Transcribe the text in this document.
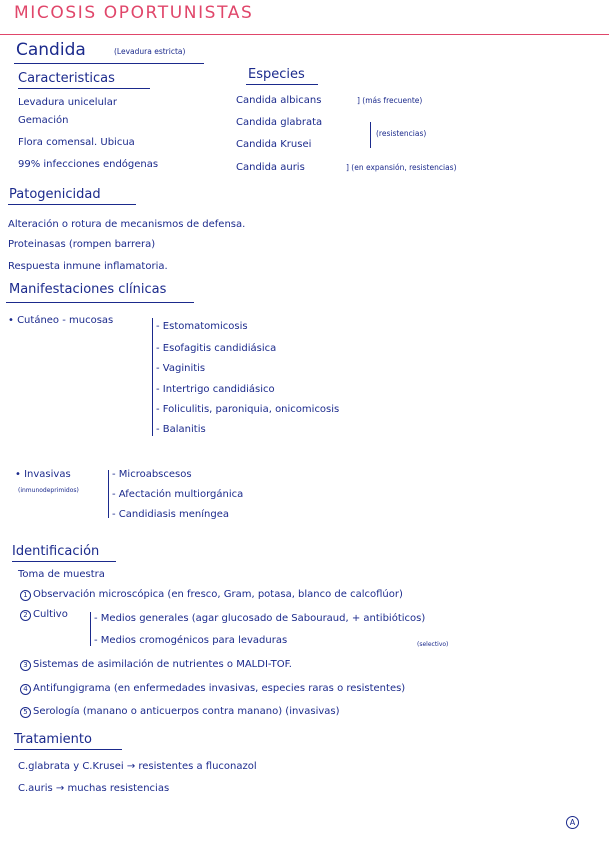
MICOSIS OPORTUNISTAS
Candida	(Levadura estricta)
Caracteristicas
Levadura unicelular
Gemación
Flora comensal. Ubicua
99% infecciones endógenas
Especies
Candida albicans	] (más frecuente)
Candida glabrata
(resistencias)
Candida Krusei
Candida auris	] (en expansión, resistencias)
Patogenicidad
Alteración o rotura de mecanismos de defensa.
Proteinasas (rompen barrera)
Respuesta inmune inflamatoria.
Manifestaciones clínicas
• Cutáneo - mucosas
- Estomatomicosis
- Esofagitis candidiásica
- Vaginitis
- Intertrigo candidiásico
- Foliculitis, paroniquia, onicomicosis
- Balanitis
• Invasivas
(inmunodeprimidos)
- Microabscesos
- Afectación multiorgánica
- Candidiasis meníngea
Identificación
Toma de muestra
1 Observación microscópica (en fresco, Gram, potasa, blanco de calcoflúor)
2 Cultivo	- Medios generales (agar glucosado de Sabouraud, + antibióticos)
(selectivo)
- Medios cromogénicos para levaduras
3 Sistemas de asimilación de nutrientes o MALDI-TOF.
4 Antifungigrama (en enfermedades invasivas, especies raras o resistentes)
5 Serología (manano o anticuerpos contra manano) (invasivas)
Tratamiento
C.glabrata y C.Krusei → resistentes a fluconazol
C.auris → muchas resistencias
A
